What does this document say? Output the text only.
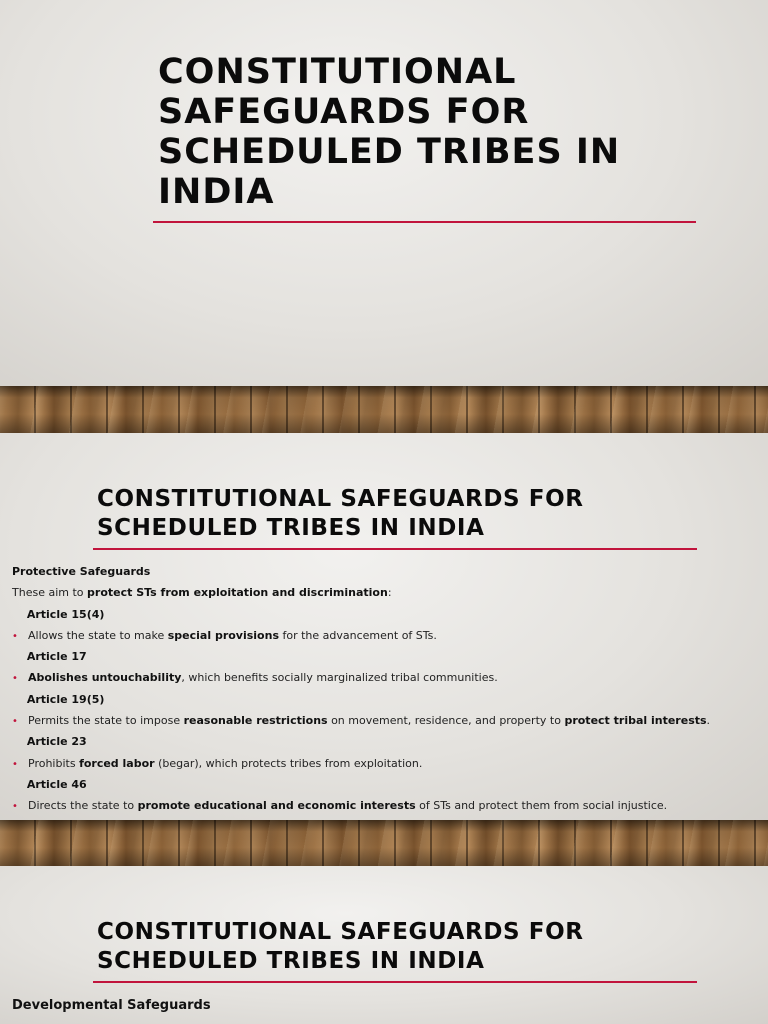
CONSTITUTIONAL SAFEGUARDS FOR SCHEDULED TRIBES IN INDIA
CONSTITUTIONAL SAFEGUARDS FOR SCHEDULED TRIBES IN INDIA
Protective Safeguards
These aim to protect STs from exploitation and discrimination:
Article 15(4)
• Allows the state to make special provisions for the advancement of STs.
Article 17
• Abolishes untouchability, which benefits socially marginalized tribal communities.
Article 19(5)
• Permits the state to impose reasonable restrictions on movement, residence, and property to protect tribal interests.
Article 23
• Prohibits forced labor (begar), which protects tribes from exploitation.
Article 46
• Directs the state to promote educational and economic interests of STs and protect them from social injustice.
CONSTITUTIONAL SAFEGUARDS FOR SCHEDULED TRIBES IN INDIA
Developmental Safeguards
